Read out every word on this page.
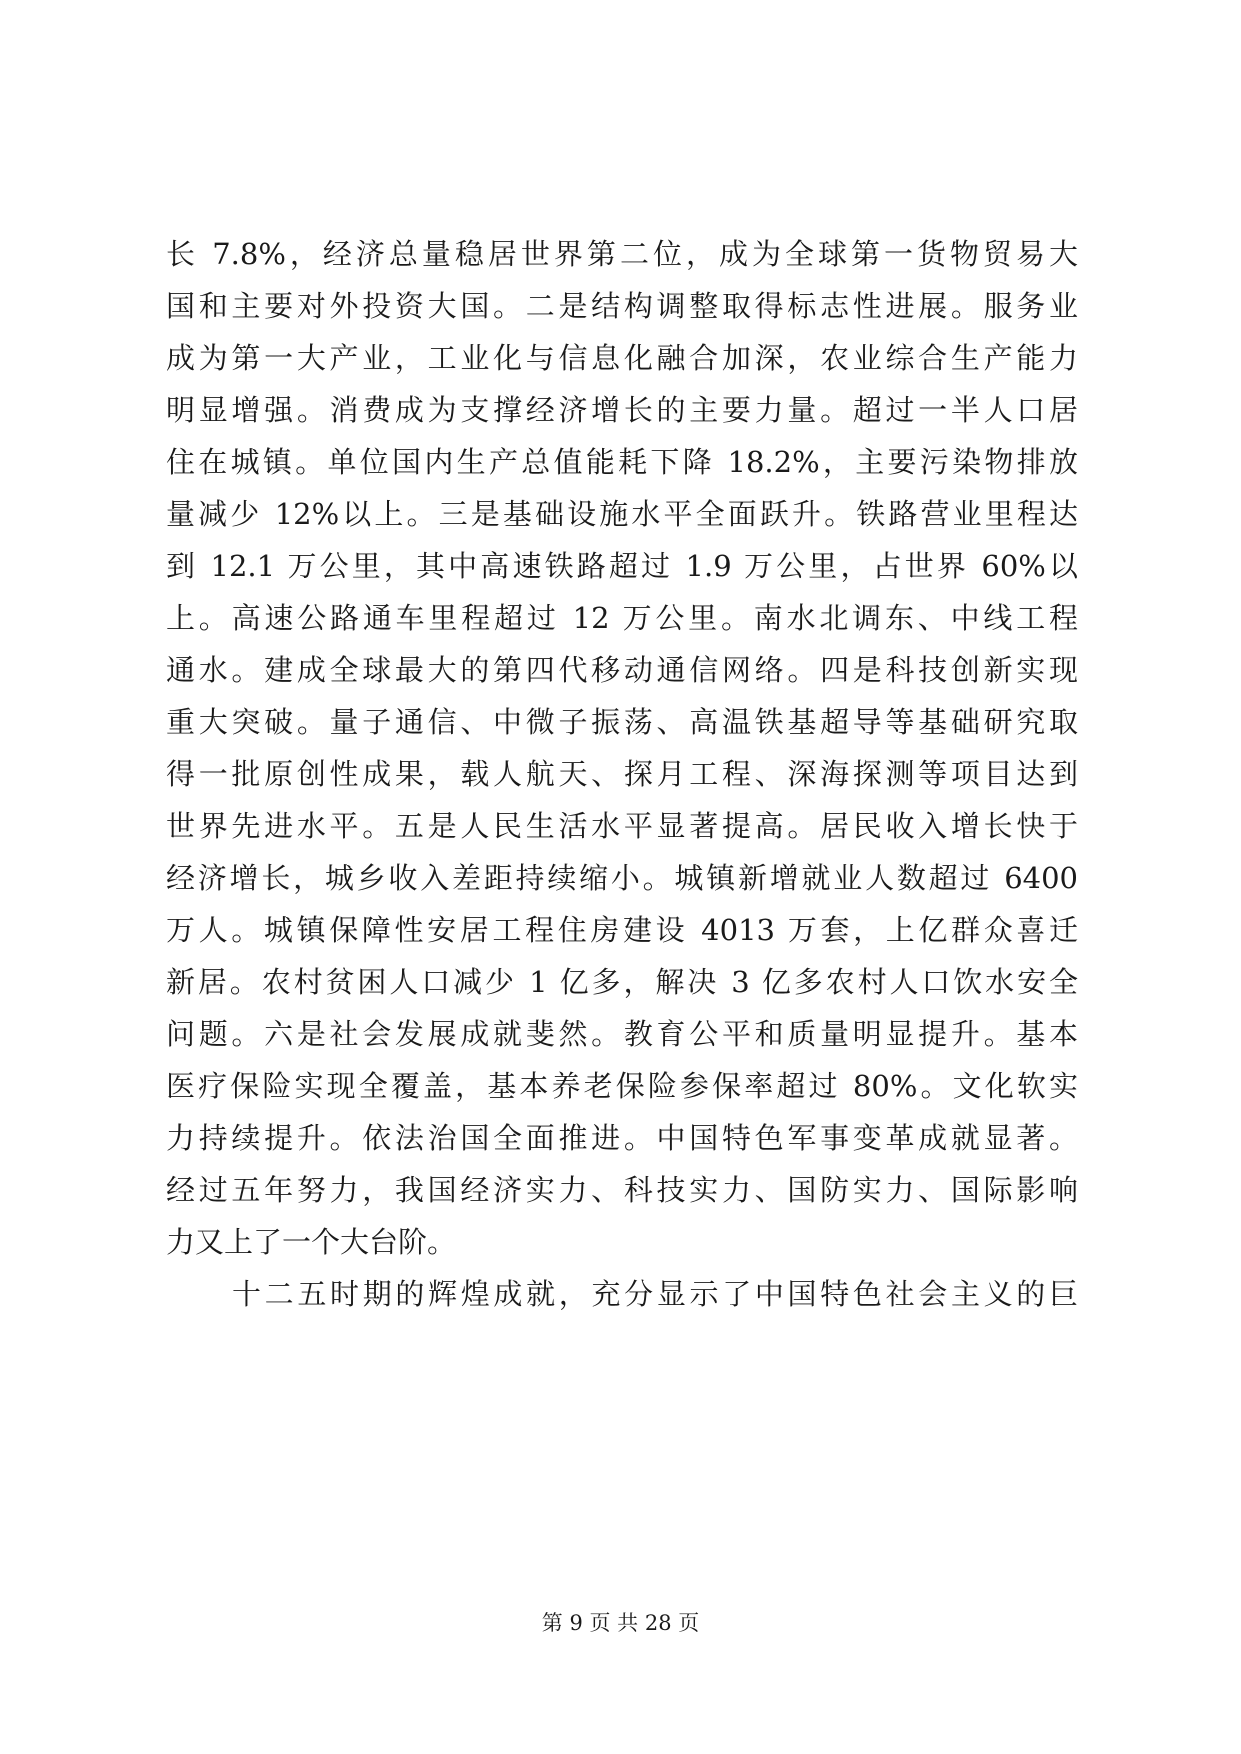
长 7.8%，经济总量稳居世界第二位，成为全球第一货物贸易大
国和主要对外投资大国。二是结构调整取得标志性进展。服务业
成为第一大产业，工业化与信息化融合加深，农业综合生产能力
明显增强。消费成为支撑经济增长的主要力量。超过一半人口居
住在城镇。单位国内生产总值能耗下降 18.2%，主要污染物排放
量减少 12%以上。三是基础设施水平全面跃升。铁路营业里程达
到 12.1 万公里，其中高速铁路超过 1.9 万公里，占世界 60%以
上。高速公路通车里程超过 12 万公里。南水北调东、中线工程
通水。建成全球最大的第四代移动通信网络。四是科技创新实现
重大突破。量子通信、中微子振荡、高温铁基超导等基础研究取
得一批原创性成果，载人航天、探月工程、深海探测等项目达到
世界先进水平。五是人民生活水平显著提高。居民收入增长快于
经济增长，城乡收入差距持续缩小。城镇新增就业人数超过 6400
万人。城镇保障性安居工程住房建设 4013 万套，上亿群众喜迁
新居。农村贫困人口减少 1 亿多，解决 3 亿多农村人口饮水安全
问题。六是社会发展成就斐然。教育公平和质量明显提升。基本
医疗保险实现全覆盖，基本养老保险参保率超过 80%。文化软实
力持续提升。依法治国全面推进。中国特色军事变革成就显著。
经过五年努力，我国经济实力、科技实力、国防实力、国际影响
力又上了一个大台阶。
十二五时期的辉煌成就，充分显示了中国特色社会主义的巨
第 9 页 共 28 页
